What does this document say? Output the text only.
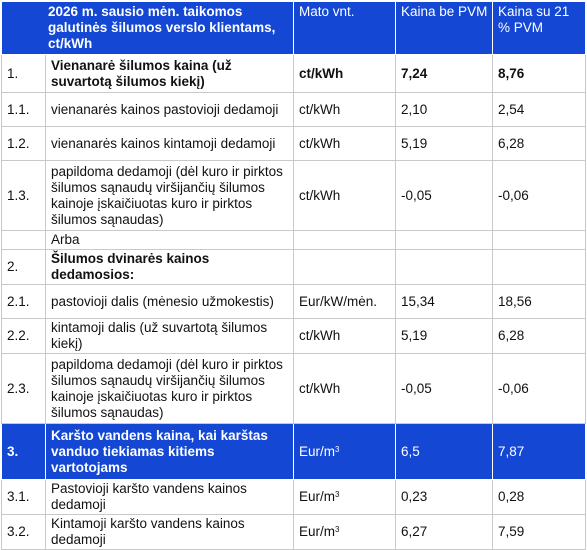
2026 m. sausio mėn. taikomos galutinės šilumos verslo klientams, ct/kWh		Mato vnt.	Kaina be PVM	Kaina su 21 % PVM
1.	Vienanarė šilumos kaina (už suvartotą šilumos kiekį)	ct/kWh	7,24	8,76
1.1.	vienanarės kainos pastovioji dedamoji	ct/kWh	2,10	2,54
1.2.	vienanarės kainos kintamoji dedamoji	ct/kWh	5,19	6,28
1.3.	papildoma dedamoji (dėl kuro ir pirktos šilumos sąnaudų viršijančių šilumos kainoje įskaičiuotas kuro ir pirktos šilumos sąnaudas)	ct/kWh	-0,05	-0,06
	Arba			
2.	Šilumos dvinarės kainos dedamosios:			
2.1.	pastovioji dalis (mėnesio užmokestis)	Eur/kW/mėn.	15,34	18,56
2.2.	kintamoji dalis (už suvartotą šilumos kiekį)	ct/kWh	5,19	6,28
2.3.	papildoma dedamoji (dėl kuro ir pirktos šilumos sąnaudų viršijančių šilumos kainoje įskaičiuotas kuro ir pirktos šilumos sąnaudas)	ct/kWh	-0,05	-0,06
3.	Karšto vandens kaina, kai karštas vanduo tiekiamas kitiems vartotojams	Eur/$m^3$	6,5	7,87
3.1.	Pastovioji karšto vandens kainos dedamoji	Eur/$m^3$	0,23	0,28
3.2.	Kintamoji karšto vandens kainos dedamoji	Eur/$m^3$	6,27	7,59
